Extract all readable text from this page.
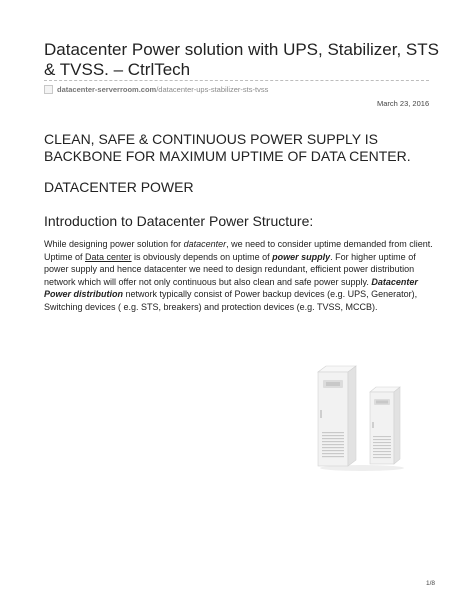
Datacenter Power solution with UPS, Stabilizer, STS & TVSS. – CtrlTech
datacenter-serverroom.com /datacenter-ups-stabilizer-sts-tvss
March 23, 2016
CLEAN, SAFE & CONTINUOUS POWER SUPPLY IS BACKBONE FOR MAXIMUM UPTIME OF DATA CENTER.
DATACENTER POWER
Introduction to Datacenter Power Structure:

While designing power solution for datacenter, we need to consider uptime demanded from client. Uptime of Data center is obviously depends on uptime of power supply. For higher uptime of power supply and hence datacenter we need to design redundant, efficient power distribution network which will offer not only continuous but also clean and safe power supply. Datacenter Power distribution network typically consist of Power backup devices (e.g. UPS, Generator), Switching devices ( e.g. STS, breakers) and protection devices (e.g. TVSS, MCCB).

1/8
